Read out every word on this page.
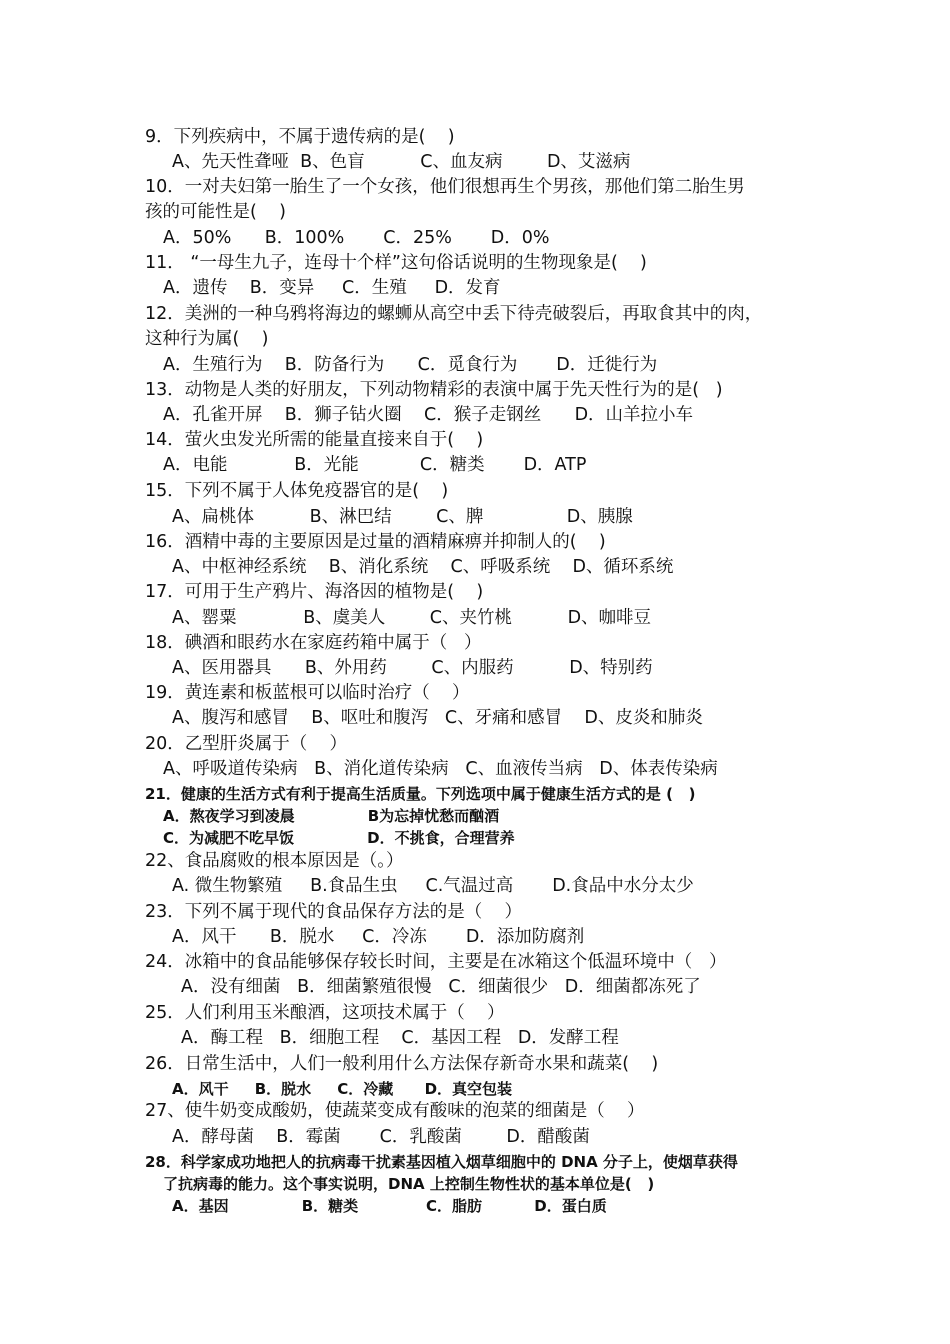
9．下列疾病中，不属于遗传病的是(    )
A、先天性聋哑  B、色盲          C、血友病        D、艾滋病
10．一对夫妇第一胎生了一个女孩，他们很想再生个男孩，那他们第二胎生男
孩的可能性是(    )
A．50%      B．100%       C．25%       D．0%
11． “一母生九子，连母十个样”这句俗话说明的生物现象是(    )
A．遗传    B．变异     C．生殖     D．发育
12．美洲的一种乌鸦将海边的螺蛳从高空中丢下待壳破裂后，再取食其中的肉，
这种行为属(    )
A．生殖行为    B．防备行为      C．觅食行为       D．迁徙行为
13．动物是人类的好朋友，下列动物精彩的表演中属于先天性行为的是(   )
A．孔雀开屏    B．狮子钻火圈    C．猴子走钢丝      D．山羊拉小车
14．萤火虫发光所需的能量直接来自于(    )
A．电能            B．光能           C．糖类       D．ATP
15．下列不属于人体免疫器官的是(    )
A、扁桃体          B、淋巴结        C、脾               D、胰腺
16．酒精中毒的主要原因是过量的酒精麻痹并抑制人的(    )
A、中枢神经系统    B、消化系统    C、呼吸系统    D、循环系统
17．可用于生产鸦片、海洛因的植物是(    )
A、罂粟            B、虞美人        C、夹竹桃          D、咖啡豆
18．碘酒和眼药水在家庭药箱中属于（   ）
A、医用器具      B、外用药        C、内服药          D、特别药
19．黄连素和板蓝根可以临时治疗（    ）
A、腹泻和感冒    B、呕吐和腹泻   C、牙痛和感冒    D、皮炎和肺炎
20．乙型肝炎属于（    ）
A、呼吸道传染病   B、消化道传染病   C、血液传当病   D、体表传染病
21．健康的生活方式有利于提高生活质量。下列选项中属于健康生活方式的是 (   )
A．熬夜学习到凌晨              B为忘掉忧愁而酗酒
C．为减肥不吃早饭              D．不挑食，合理营养
22、食品腐败的根本原因是（。）
A. 微生物繁殖     B.食品生虫     C.气温过高       D.食品中水分太少
23．下列不属于现代的食品保存方法的是（    ）
A．风干      B．脱水     C．冷冻       D．添加防腐剂
24．冰箱中的食品能够保存较长时间，主要是在冰箱这个低温环境中（   ）
A．没有细菌   B．细菌繁殖很慢   C．细菌很少   D．细菌都冻死了
25．人们利用玉米酿酒，这项技术属于（    ）
A．酶工程   B．细胞工程    C．基因工程   D．发酵工程
26．日常生活中，人们一般利用什么方法保存新奇水果和蔬菜(    )
A．风干     B．脱水     C．冷藏      D．真空包装
27、使牛奶变成酸奶，使蔬菜变成有酸味的泡菜的细菌是（    ）
A．酵母菌    B．霉菌       C．乳酸菌        D．醋酸菌
28．科学家成功地把人的抗病毒干扰素基因植入烟草细胞中的 DNA 分子上，使烟草获得
了抗病毒的能力。这个事实说明，DNA 上控制生物性状的基本单位是(   )
A．基因              B．糖类             C．脂肪          D．蛋白质
